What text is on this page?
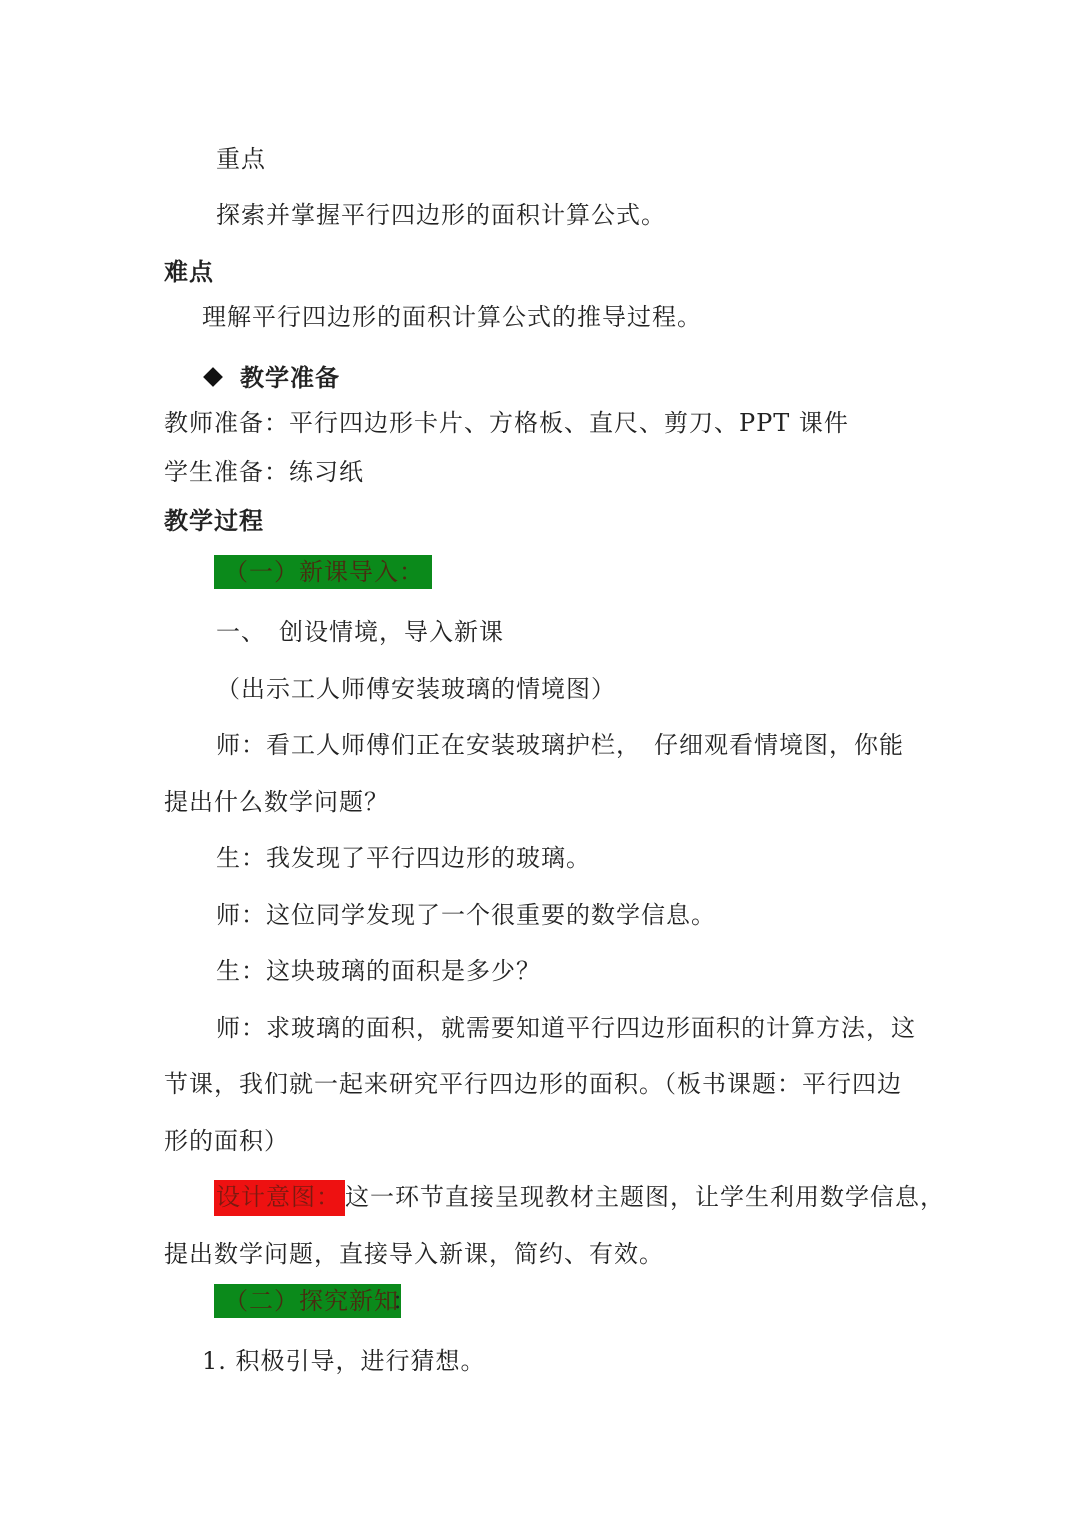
重点
探索并掌握平行四边形的面积计算公式。
难点
理解平行四边形的面积计算公式的推导过程。
教学准备
教师准备：平行四边形卡片、方格板、直尺、剪刀、PPT 课件
学生准备：练习纸
教学过程
（一）新课导入：
一、　创设情境，导入新课
（出示工人师傅安装玻璃的情境图）
师：看工人师傅们正在安装玻璃护栏，　仔细观看情境图，你能
提出什么数学问题？
生：我发现了平行四边形的玻璃。
师：这位同学发现了一个很重要的数学信息。
生：这块玻璃的面积是多少？
师：求玻璃的面积，就需要知道平行四边形面积的计算方法，这
节课，我们就一起来研究平行四边形的面积。（板书课题：平行四边
形的面积）
设计意图： 这一环节直接呈现教材主题图，让学生利用数学信息，
提出数学问题，直接导入新课，简约、有效。
（二）探究新知
：
1. 积极引导，进行猜想。
